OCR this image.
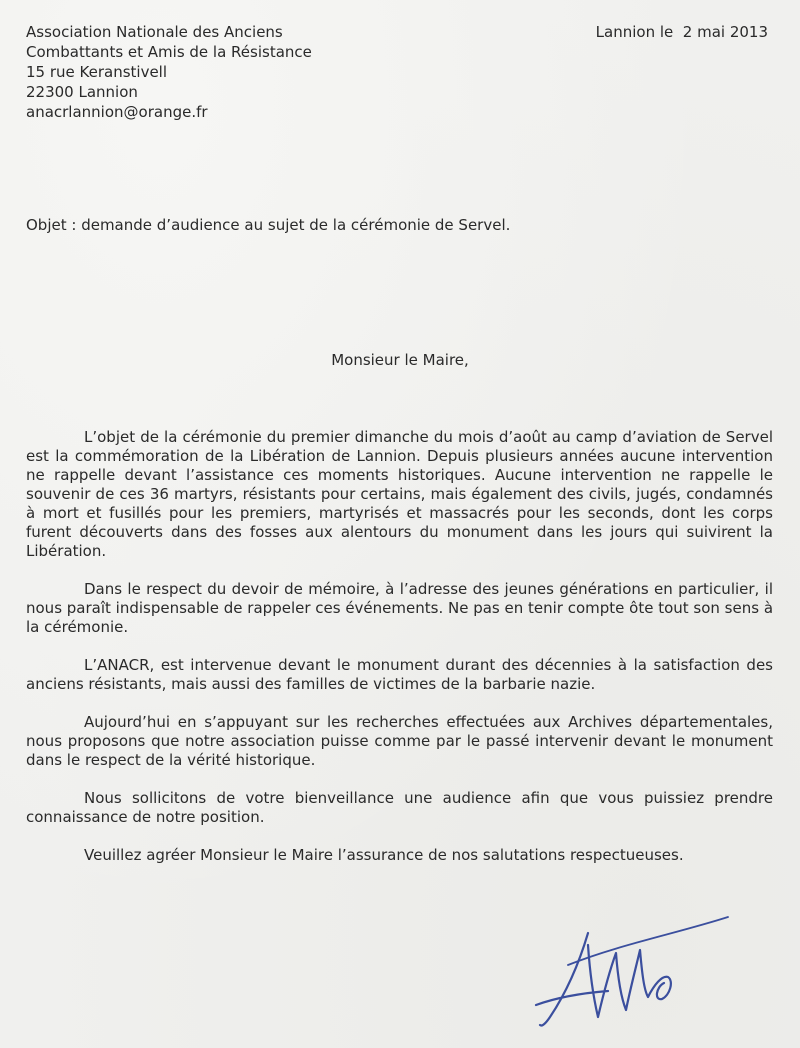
Association Nationale des Anciens
Combattants et Amis de la Résistance
15 rue Keranstivell
22300 Lannion
anacrlannion@orange.fr
Lannion le  2 mai 2013
Objet : demande d’audience au sujet de la cérémonie de Servel.
Monsieur le Maire,

L’objet de la cérémonie du premier dimanche du mois d’août au camp d’aviation de Servel est la commémoration de la Libération de Lannion. Depuis plusieurs années aucune intervention ne rappelle devant l’assistance ces moments historiques. Aucune intervention ne rappelle le souvenir de ces 36 martyrs, résistants pour certains, mais également des civils, jugés, condamnés à mort et fusillés pour les premiers, martyrisés et massacrés pour les seconds, dont les corps furent découverts dans des fosses aux alentours du monument dans les jours qui suivirent la Libération.

Dans le respect du devoir de mémoire, à l’adresse des jeunes générations en particulier, il nous paraît indispensable de rappeler ces événements. Ne pas en tenir compte ôte tout son sens à la cérémonie.

L’ANACR, est intervenue devant le monument durant des décennies à la satisfaction des anciens résistants, mais aussi des familles de victimes de la barbarie nazie.

Aujourd’hui en s’appuyant sur les recherches effectuées aux Archives départementales, nous proposons que notre association puisse comme par le passé intervenir devant le monument dans le respect de la vérité historique.

Nous sollicitons de votre bienveillance une audience afin que vous puissiez prendre connaissance de notre position.

Veuillez agréer Monsieur le Maire l’assurance de nos salutations respectueuses.
